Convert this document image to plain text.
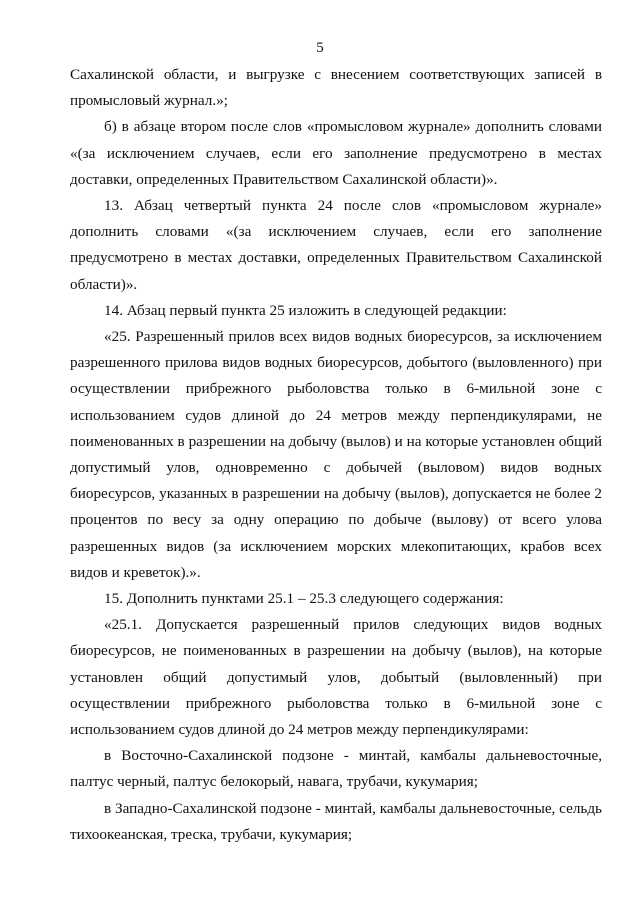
5

Сахалинской области, и выгрузке с внесением соответствующих записей в промысловый журнал.»;

б) в абзаце втором после слов «промысловом журнале» дополнить словами «(за исключением случаев, если его заполнение предусмотрено в местах доставки, определенных Правительством Сахалинской области)».

13. Абзац четвертый пункта 24 после слов «промысловом журнале» дополнить словами «(за исключением случаев, если его заполнение предусмотрено в местах доставки, определенных Правительством Сахалинской области)».

14. Абзац первый пункта 25 изложить в следующей редакции:

«25. Разрешенный прилов всех видов водных биоресурсов, за исключением разрешенного прилова видов водных биоресурсов, добытого (выловленного) при осуществлении прибрежного рыболовства только в 6-мильной зоне с использованием судов длиной до 24 метров между перпендикулярами, не поименованных в разрешении на добычу (вылов) и на которые установлен общий допустимый улов, одновременно с добычей (выловом) видов водных биоресурсов, указанных в разрешении на добычу (вылов), допускается не более 2 процентов по весу за одну операцию по добыче (вылову) от всего улова разрешенных видов (за исключением морских млекопитающих, крабов всех видов и креветок).».

15. Дополнить пунктами 25.1 – 25.3 следующего содержания:

«25.1. Допускается разрешенный прилов следующих видов водных биоресурсов, не поименованных в разрешении на добычу (вылов), на которые установлен общий допустимый улов, добытый (выловленный) при осуществлении прибрежного рыболовства только в 6-мильной зоне с использованием судов длиной до 24 метров между перпендикулярами:

в Восточно-Сахалинской подзоне - минтай, камбалы дальневосточные, палтус черный, палтус белокорый, навага, трубачи, кукумария;

в Западно-Сахалинской подзоне - минтай, камбалы дальневосточные, сельдь тихоокеанская, треска, трубачи, кукумария;
